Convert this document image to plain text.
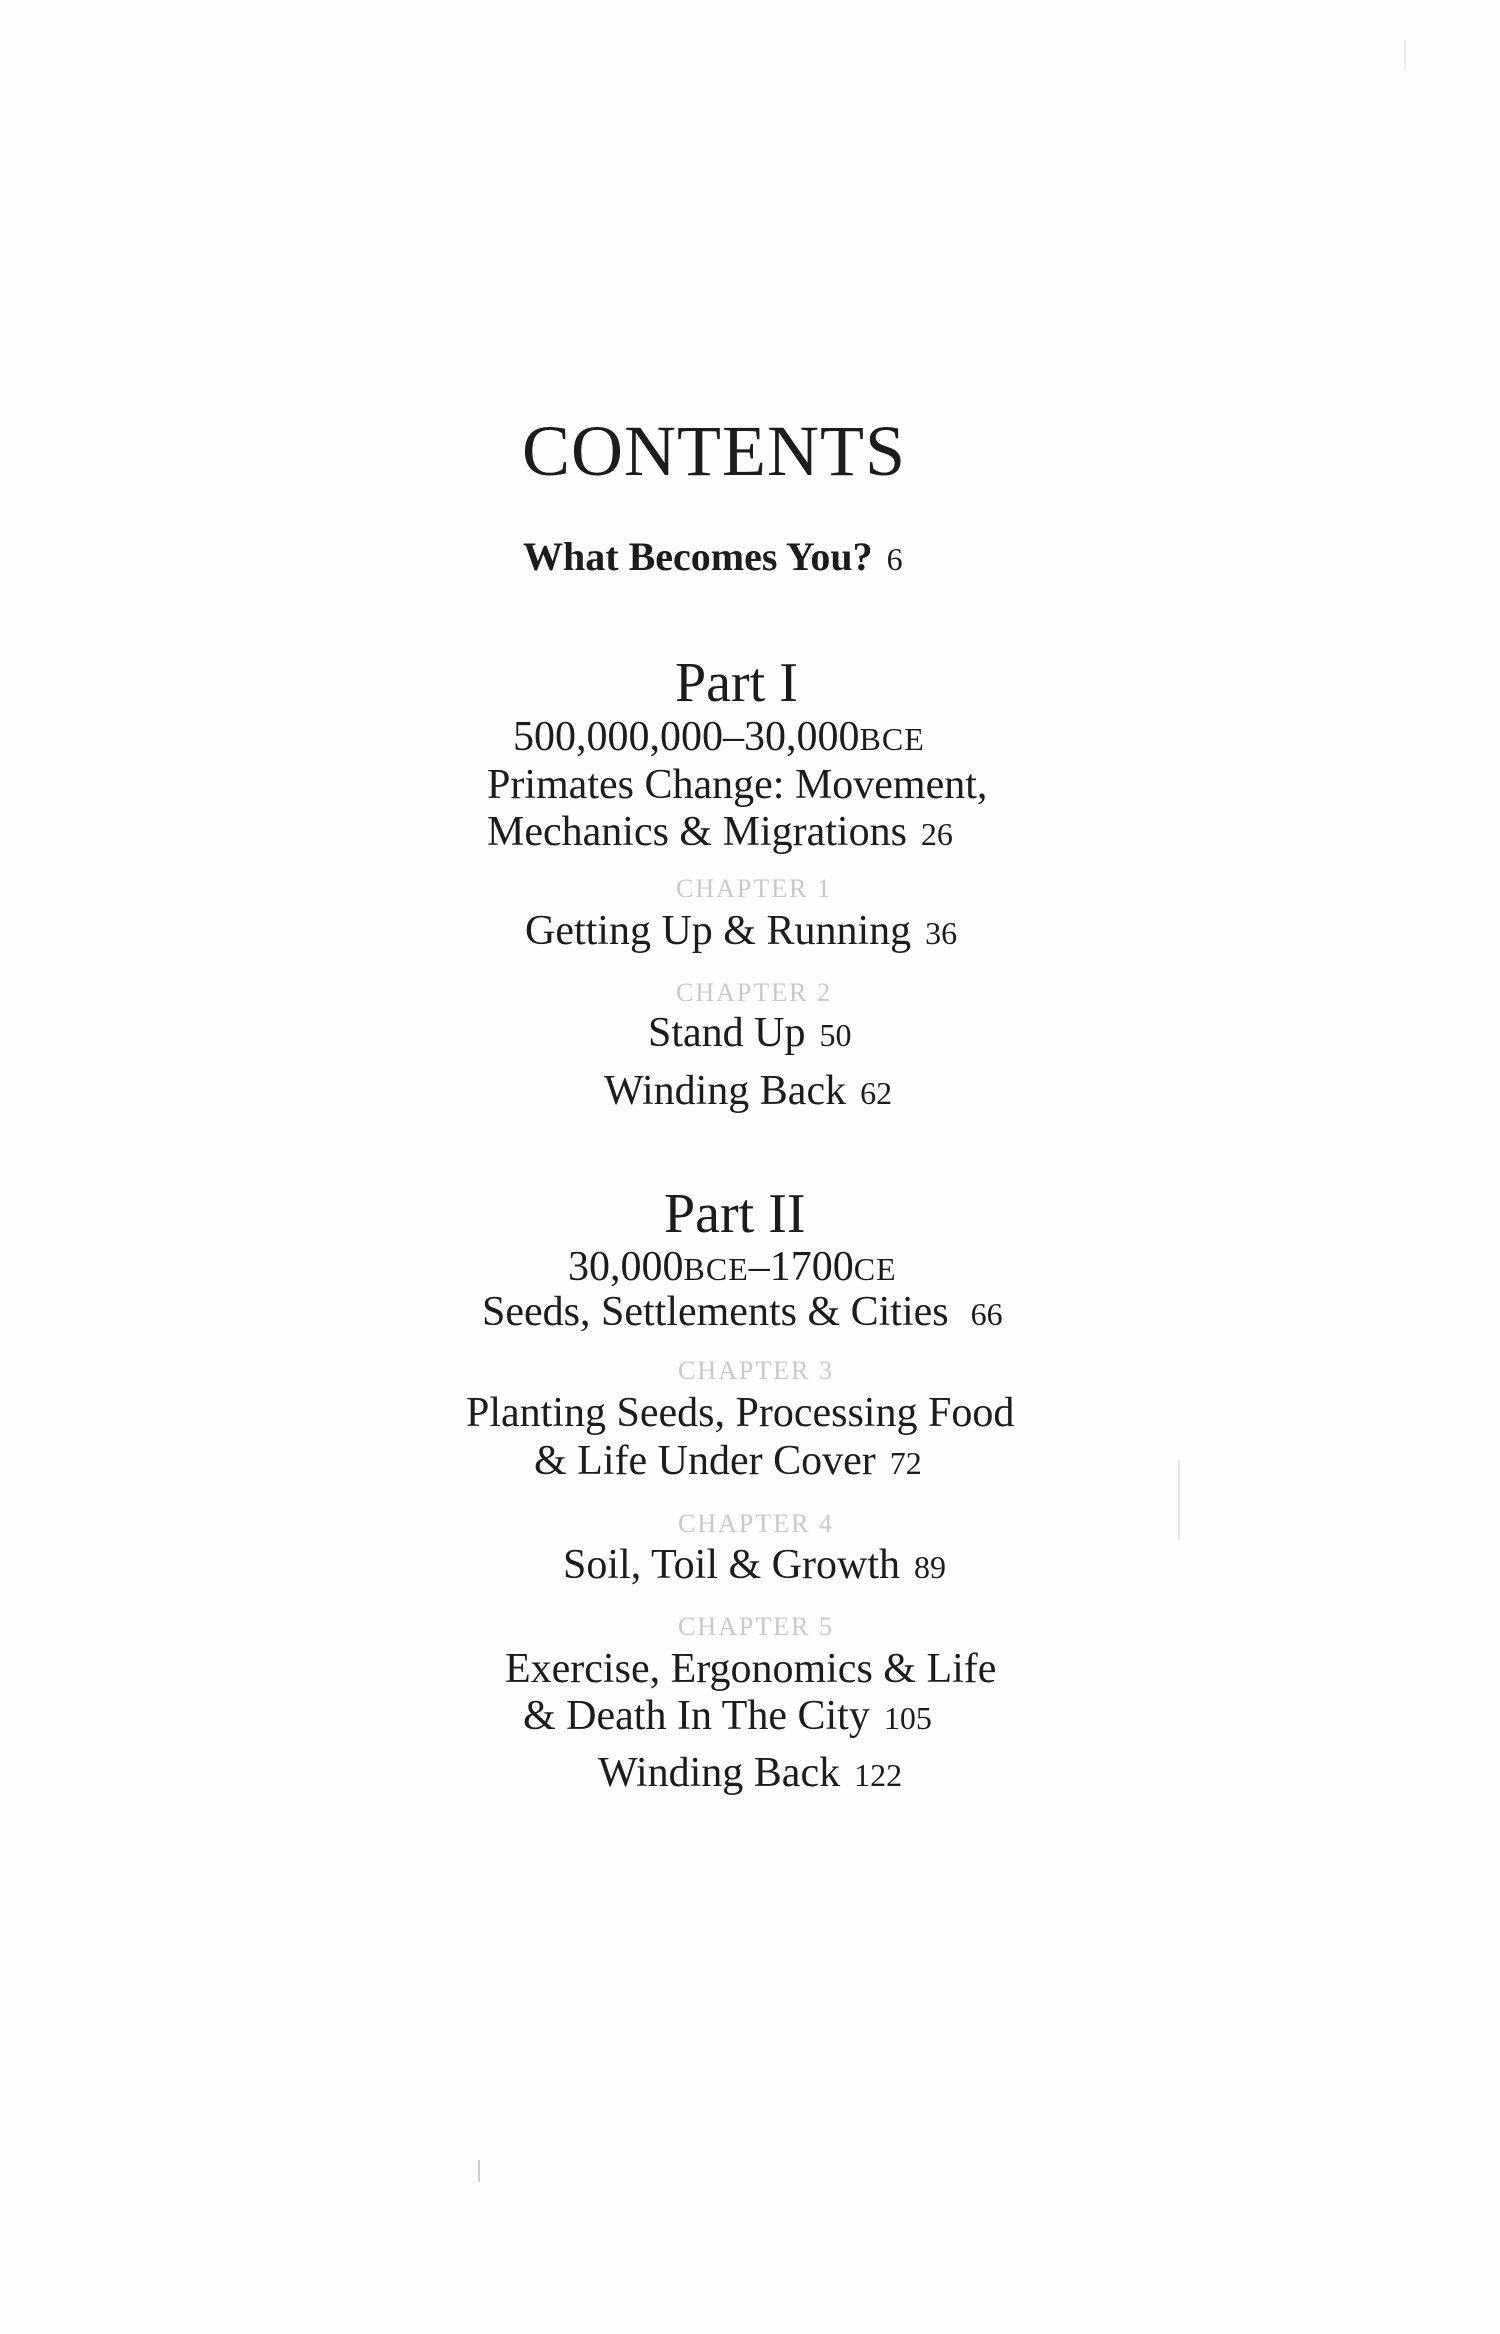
CONTENTS
What Becomes You? 6
Part I
500,000,000–30,000BCE
Primates Change: Movement,
Mechanics & Migrations 26
CHAPTER 1
Getting Up & Running 36
CHAPTER 2
Stand Up 50
Winding Back 62
Part II
30,000BCE–1700CE
Seeds, Settlements & Cities 66
CHAPTER 3
Planting Seeds, Processing Food
& Life Under Cover 72
CHAPTER 4
Soil, Toil & Growth 89
CHAPTER 5
Exercise, Ergonomics & Life
& Death In The City 105
Winding Back 122
